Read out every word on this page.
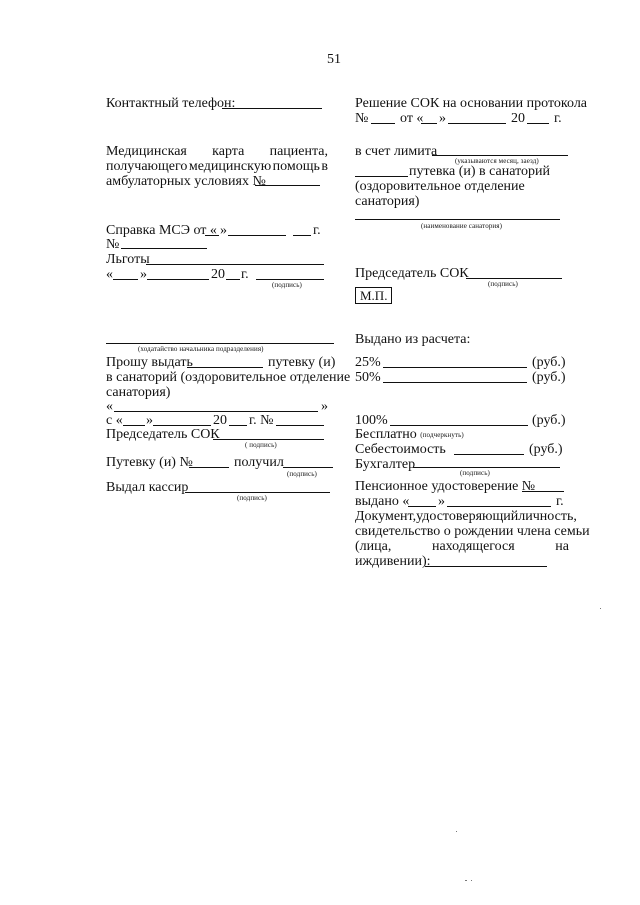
51
Контактный телефон:
Медицинская карта пациента,
получающего медицинскую помощь в
амбулаторных условиях №
Справка МСЭ от « »	г.
№
Льготы
« »	20 г.
(подпись)
(ходатайство начальника подразделения)
Прошу выдать	путевку (и)
в санаторий (оздоровительное отделение
санатория)
«	»
с « »	20 г. №
Председатель СОК
( подпись)
Путевку (и) №	получил
(подпись)
Выдал кассир
(подпись)
Решение СОК на основании протокола
№ от « »	20 г.
в счет лимита
(указываются месяц, заезд)
путевка (и) в санаторий
(оздоровительное отделение
санатория)
(наименование санатория)
Председатель СОК
(подпись)
М.П.
Выдано из расчета:
25%	(руб.)
50%	(руб.)
100%	(руб.)
Бесплатно (подчеркнуть)
Себестоимость	(руб.)
Бухгалтер
(подпись)
Пенсионное удостоверение №
выдано « »	г.
Документ, удостоверяющий личность,
свидетельство о рождении члена семьи
(лица,	находящегося	на
иждивении):
